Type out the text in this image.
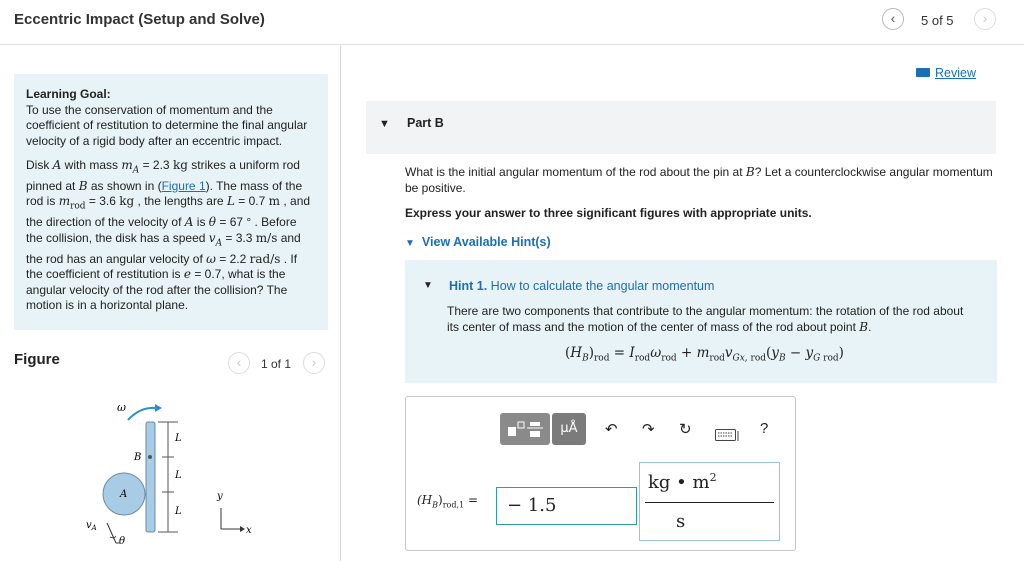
Eccentric Impact (Setup and Solve)	‹	5 of 5	›
Learning Goal:

To use the conservation of momentum and the coefficient of restitution to determine the final angular velocity of a rigid body after an eccentric impact.

Disk A with mass $m_A = 2.3$ kg strikes a uniform rod pinned at B as shown in (Figure 1). The mass of the rod is $m_{rod} = 3.6$ kg , the lengths are L = 0.7 m , and the direction of the velocity of A is θ = 67 ° . Before the collision, the disk has a speed $v_A = 3.3$ m/s and the rod has an angular velocity of ω = 2.2 rad/s . If the coefficient of restitution is e = 0.7, what is the angular velocity of the rod after the collision? The motion is in a horizontal plane.

Figure	‹	1 of 1	›
ω
B
L
L
L
A
$v_A$
θ
y
x
Review
▼ Part B
What is the initial angular momentum of the rod about the pin at B? Let a counterclockwise angular momentum be positive.
Express your answer to three significant figures with appropriate units.
▼ View Available Hint(s)
▼ Hint 1. How to calculate the angular momentum
There are two components that contribute to the angular momentum: the rotation of the rod about its center of mass and the motion of the center of mass of the rod about point B.
$(H_B)_{rod} = I_{rod}\omega_{rod} + m_{rod}v_{Gx, rod}(y_B - y_{G rod})$
μÅ	↶ ↷ ↻	?
$(H_B)_{rod,1}$ =	− 1.5
kg • $m^2$
s
